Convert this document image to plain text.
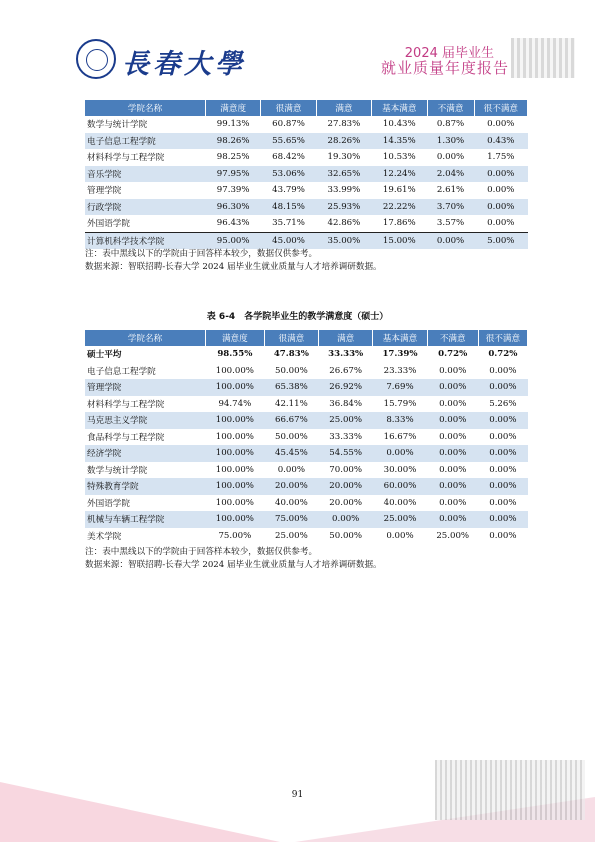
長春大學	2024 届毕业生
就业质量年度报告
学院名称	满意度	很满意	满意	基本满意	不满意	很不满意
数学与统计学院	99.13%	60.87%	27.83%	10.43%	0.87%	0.00%
电子信息工程学院	98.26%	55.65%	28.26%	14.35%	1.30%	0.43%
材料科学与工程学院	98.25%	68.42%	19.30%	10.53%	0.00%	1.75%
音乐学院	97.95%	53.06%	32.65%	12.24%	2.04%	0.00%
管理学院	97.39%	43.79%	33.99%	19.61%	2.61%	0.00%
行政学院	96.30%	48.15%	25.93%	22.22%	3.70%	0.00%
外国语学院	96.43%	35.71%	42.86%	17.86%	3.57%	0.00%
计算机科学技术学院	95.00%	45.00%	35.00%	15.00%	0.00%	5.00%
注：表中黑线以下的学院由于回答样本较少，数据仅供参考。
数据来源：智联招聘-长春大学 2024 届毕业生就业质量与人才培养调研数据。
表 6-4　各学院毕业生的教学满意度（硕士）
学院名称	满意度	很满意	满意	基本满意	不满意	很不满意
硕士平均	98.55%	47.83%	33.33%	17.39%	0.72%	0.72%
电子信息工程学院	100.00%	50.00%	26.67%	23.33%	0.00%	0.00%
管理学院	100.00%	65.38%	26.92%	7.69%	0.00%	0.00%
材料科学与工程学院	94.74%	42.11%	36.84%	15.79%	0.00%	5.26%
马克思主义学院	100.00%	66.67%	25.00%	8.33%	0.00%	0.00%
食品科学与工程学院	100.00%	50.00%	33.33%	16.67%	0.00%	0.00%
经济学院	100.00%	45.45%	54.55%	0.00%	0.00%	0.00%
数学与统计学院	100.00%	0.00%	70.00%	30.00%	0.00%	0.00%
特殊教育学院	100.00%	20.00%	20.00%	60.00%	0.00%	0.00%
外国语学院	100.00%	40.00%	20.00%	40.00%	0.00%	0.00%
机械与车辆工程学院	100.00%	75.00%	0.00%	25.00%	0.00%	0.00%
美术学院	75.00%	25.00%	50.00%	0.00%	25.00%	0.00%
注：表中黑线以下的学院由于回答样本较少，数据仅供参考。
数据来源：智联招聘-长春大学 2024 届毕业生就业质量与人才培养调研数据。
91
